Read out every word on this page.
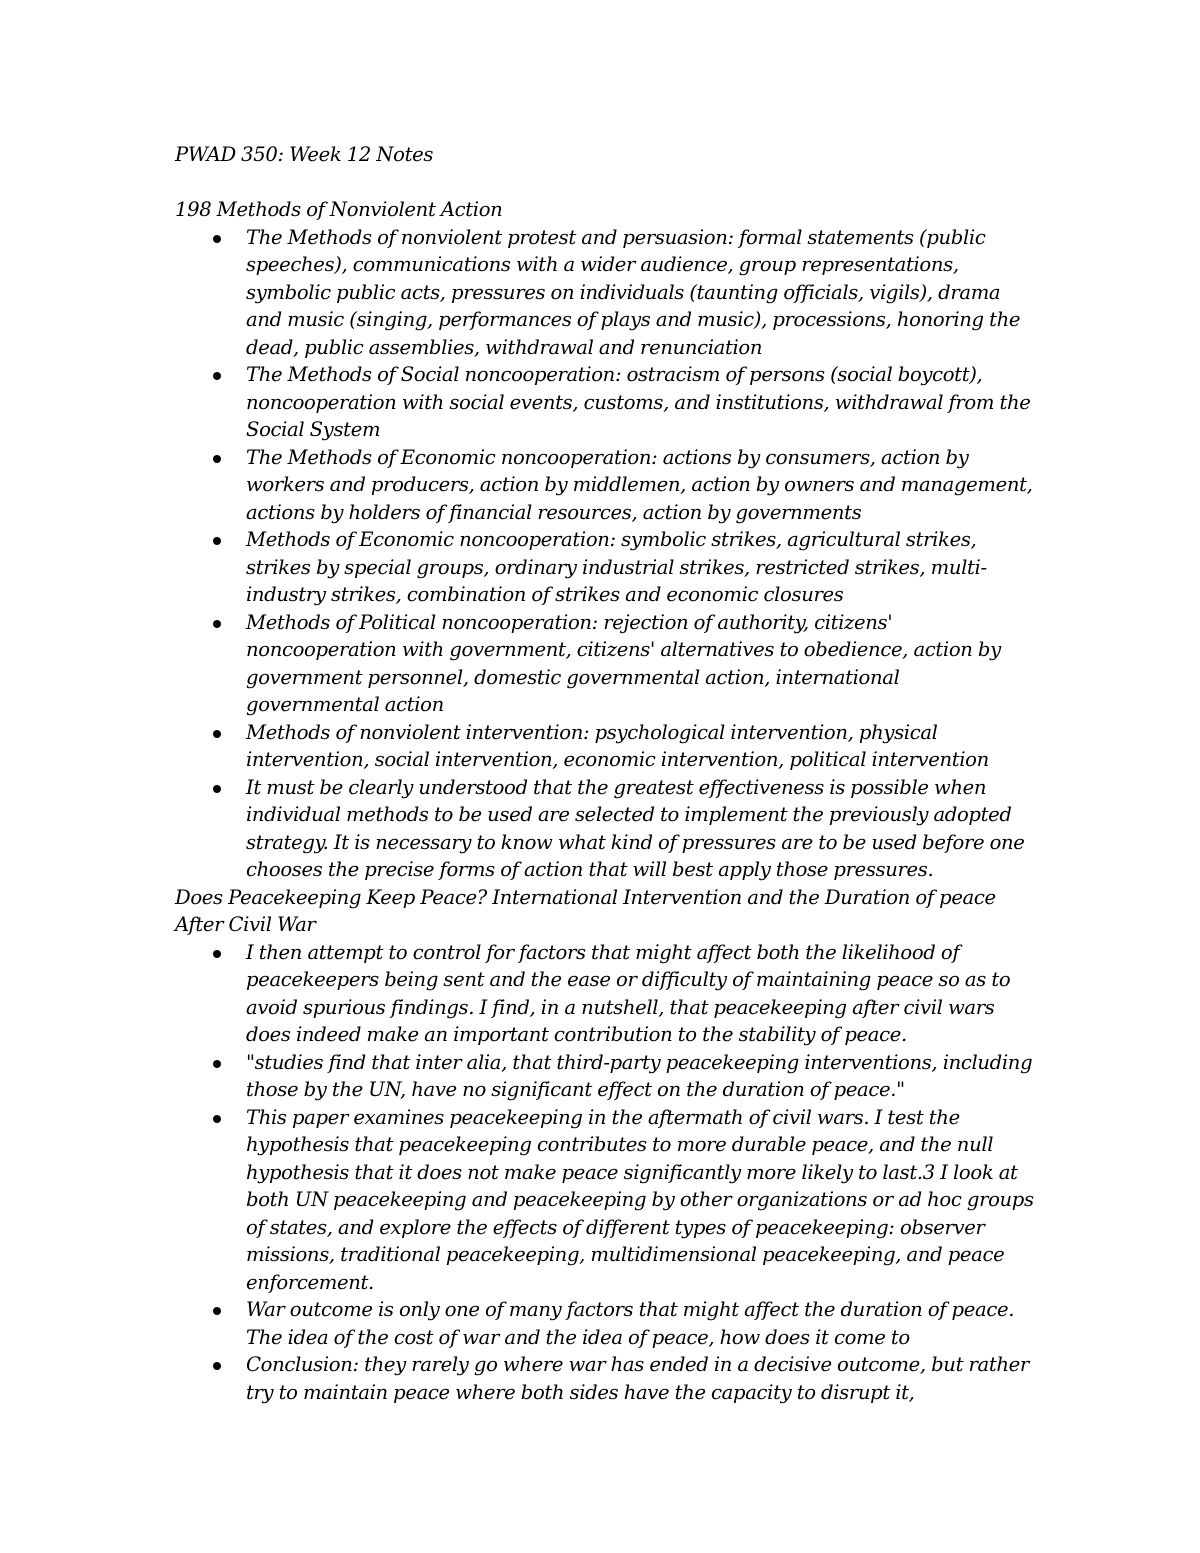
PWAD 350: Week 12 Notes
198 Methods of Nonviolent Action
The Methods of nonviolent protest and persuasion: formal statements (public speeches), communications with a wider audience, group representations, symbolic public acts, pressures on individuals (taunting officials, vigils), drama and music (singing, performances of plays and music), processions, honoring the dead, public assemblies, withdrawal and renunciation
The Methods of Social noncooperation: ostracism of persons (social boycott), noncooperation with social events, customs, and institutions, withdrawal from the Social System
The Methods of Economic noncooperation: actions by consumers, action by workers and producers, action by middlemen, action by owners and management, actions by holders of financial resources, action by governments
Methods of Economic noncooperation: symbolic strikes, agricultural strikes, strikes by special groups, ordinary industrial strikes, restricted strikes, multi-industry strikes, combination of strikes and economic closures
Methods of Political noncooperation: rejection of authority, citizens' noncooperation with government, citizens' alternatives to obedience, action by government personnel, domestic governmental action, international governmental action
Methods of nonviolent intervention: psychological intervention, physical intervention, social intervention, economic intervention, political intervention
It must be clearly understood that the greatest effectiveness is possible when individual methods to be used are selected to implement the previously adopted strategy. It is necessary to know what kind of pressures are to be used before one chooses the precise forms of action that will best apply those pressures.
Does Peacekeeping Keep Peace? International Intervention and the Duration of peace After Civil War
I then attempt to control for factors that might affect both the likelihood of peacekeepers being sent and the ease or difficulty of maintaining peace so as to avoid spurious findings. I find, in a nutshell, that peacekeeping after civil wars does indeed make an important contribution to the stability of peace.
"studies find that inter alia, that third-party peacekeeping interventions, including those by the UN, have no significant effect on the duration of peace."
This paper examines peacekeeping in the aftermath of civil wars. I test the hypothesis that peacekeeping contributes to more durable peace, and the null hypothesis that it does not make peace significantly more likely to last.3 I look at both UN peacekeeping and peacekeeping by other organizations or ad hoc groups of states, and explore the effects of different types of peacekeeping: observer missions, traditional peacekeeping, multidimensional peacekeeping, and peace enforcement.
War outcome is only one of many factors that might affect the duration of peace. The idea of the cost of war and the idea of peace, how does it come to
Conclusion: they rarely go where war has ended in a decisive outcome, but rather try to maintain peace where both sides have the capacity to disrupt it,
